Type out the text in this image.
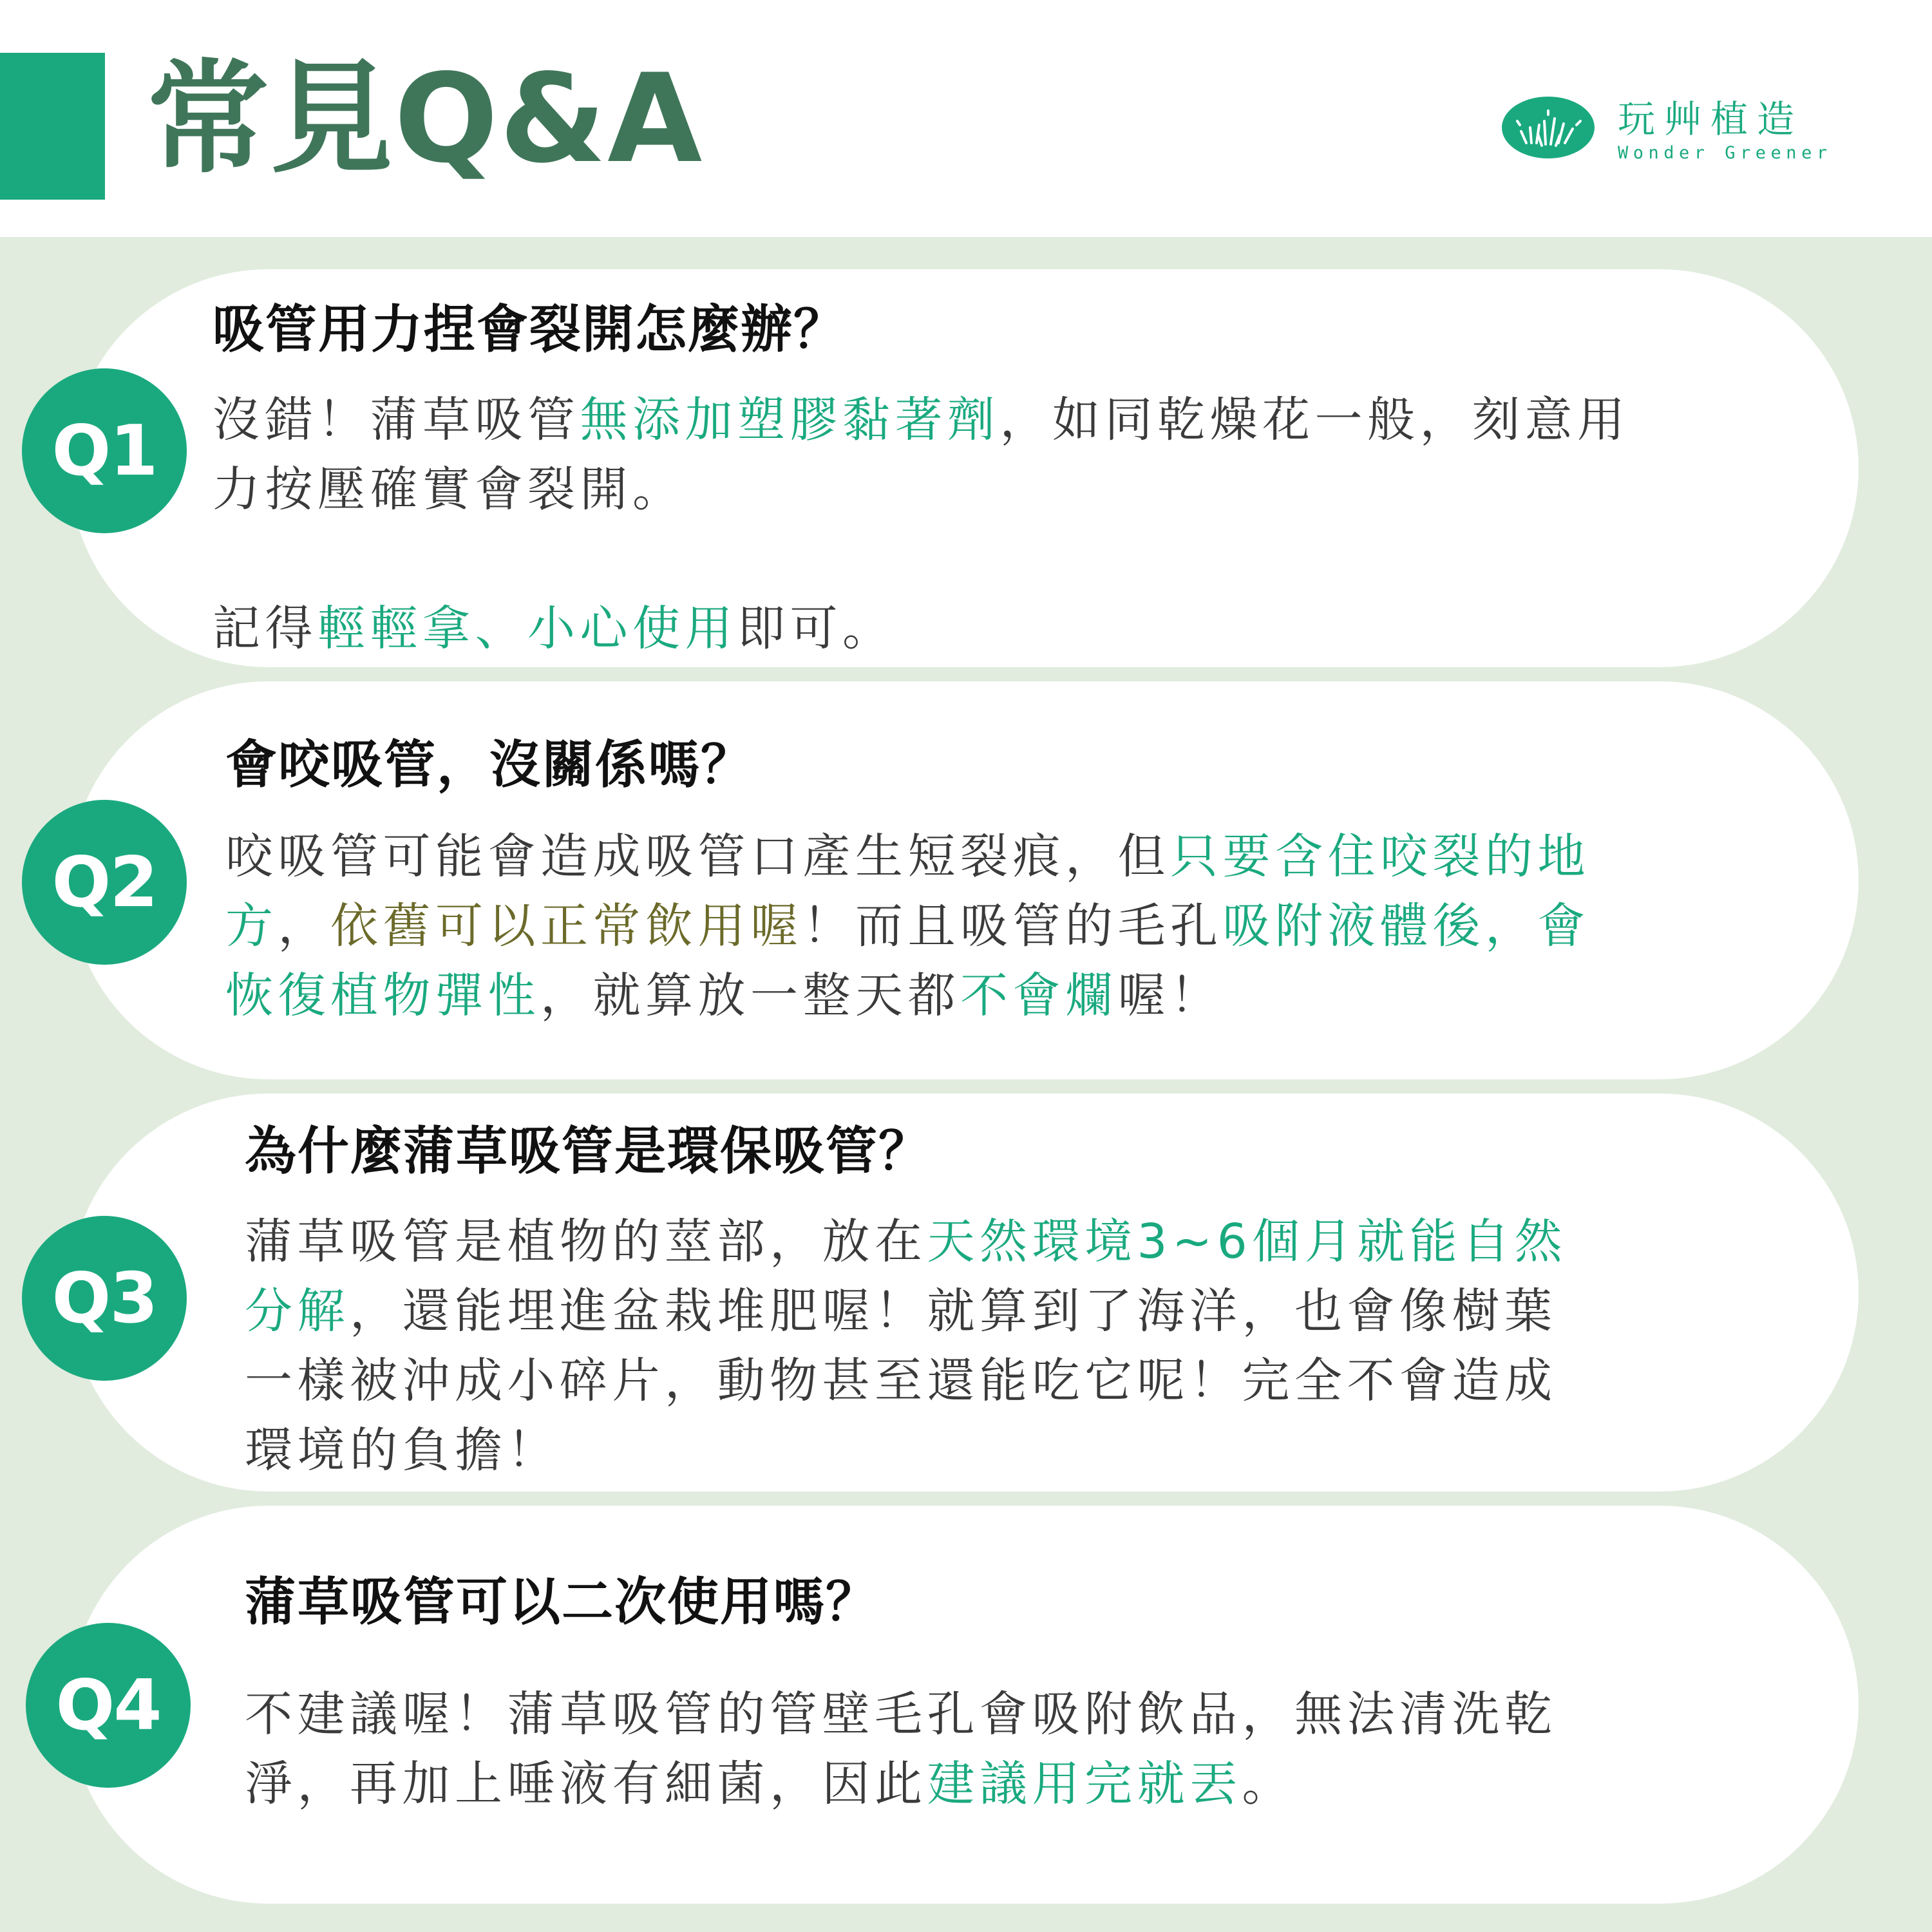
常見Q&A	玩艸植造
Wonder Greener
Q1
吸管用力捏會裂開怎麼辦？
沒錯！蒲草吸管無添加塑膠黏著劑，如同乾燥花一般，刻意用
力按壓確實會裂開。
記得輕輕拿、小心使用即可。
Q2
會咬吸管，沒關係嗎？
咬吸管可能會造成吸管口產生短裂痕，但只要含住咬裂的地
方，依舊可以正常飲用喔！而且吸管的毛孔吸附液體後，會
恢復植物彈性，就算放一整天都不會爛喔！
Q3
為什麼蒲草吸管是環保吸管？
蒲草吸管是植物的莖部，放在天然環境3~6個月就能自然
分解，還能埋進盆栽堆肥喔！就算到了海洋，也會像樹葉
一樣被沖成小碎片，動物甚至還能吃它呢！完全不會造成
環境的負擔！
Q4
蒲草吸管可以二次使用嗎？
不建議喔！蒲草吸管的管壁毛孔會吸附飲品，無法清洗乾
淨，再加上唾液有細菌，因此建議用完就丟。
